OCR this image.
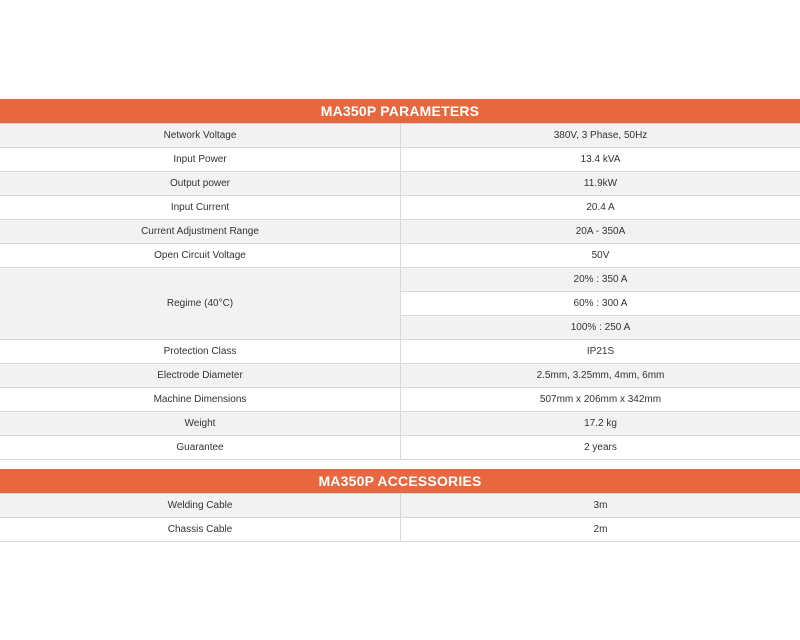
MA350P PARAMETERS
Network Voltage	380V, 3 Phase, 50Hz
Input Power	13.4 kVA
Output power	11.9kW
Input Current	20.4 A
Current Adjustment Range	20A - 350A
Open Circuit Voltage	50V
Regime (40°C)	20% : 350 A
	60% : 300 A
	100% : 250 A
Protection Class	IP21S
Electrode Diameter	2.5mm, 3.25mm, 4mm, 6mm
Machine Dimensions	507mm x 206mm x 342mm
Weight	17.2 kg
Guarantee	2 years
MA350P ACCESSORIES
Welding Cable	3m
Chassis Cable	2m
